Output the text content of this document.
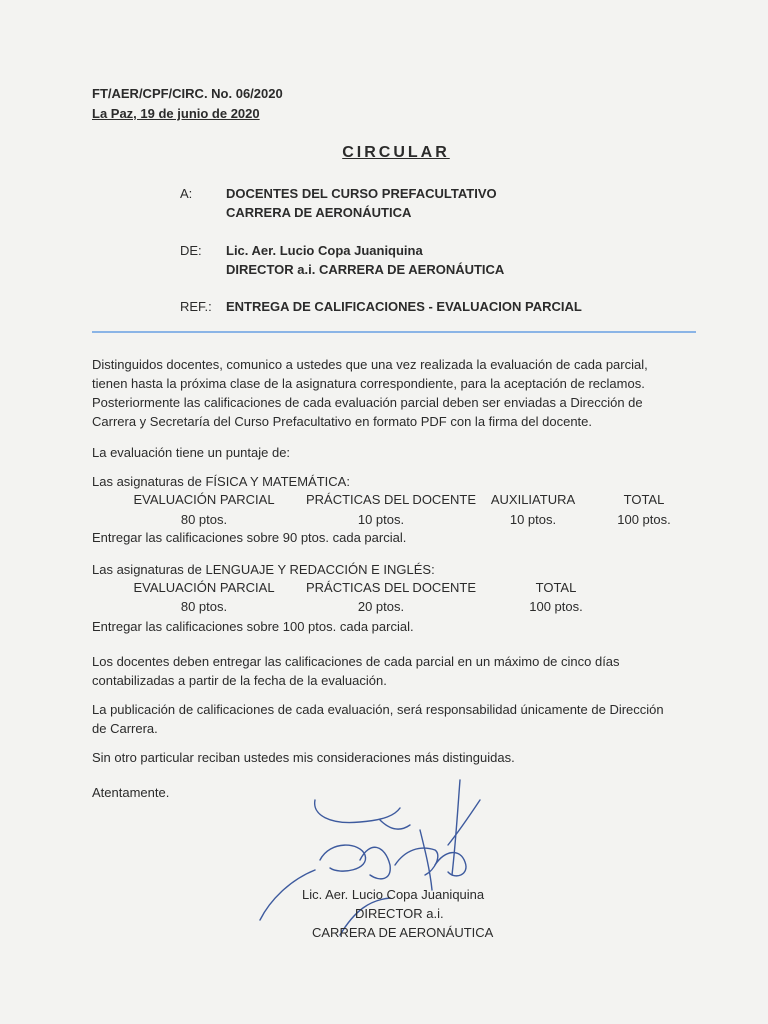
FT/AER/CPF/CIRC. No. 06/2020
La Paz, 19 de junio de 2020
CIRCULAR
A:	DOCENTES DEL CURSO PREFACULTATIVO
CARRERA DE AERONÁUTICA
DE: Lic. Aer. Lucio Copa Juaniquina
DIRECTOR a.i. CARRERA DE AERONÁUTICA
REF.: ENTREGA DE CALIFICACIONES - EVALUACION PARCIAL
Distinguidos docentes, comunico a ustedes que una vez realizada la evaluación de cada parcial,
tienen hasta la próxima clase de la asignatura correspondiente, para la aceptación de reclamos.
Posteriormente las calificaciones de cada evaluación parcial deben ser enviadas a Dirección de
Carrera y Secretaría del Curso Prefacultativo en formato PDF con la firma del docente.
La evaluación tiene un puntaje de:
Las asignaturas de FÍSICA Y MATEMÁTICA:
EVALUACIÓN PARCIAL	PRÁCTICAS DEL DOCENTE	AUXILIATURA	TOTAL
80 ptos.	10 ptos.	10 ptos.	100 ptos.
Entregar las calificaciones sobre 90 ptos. cada parcial.
Las asignaturas de LENGUAJE Y REDACCIÓN E INGLÉS:
EVALUACIÓN PARCIAL	PRÁCTICAS DEL DOCENTE	TOTAL
80 ptos.	20 ptos.	100 ptos.
Entregar las calificaciones sobre 100 ptos. cada parcial.
Los docentes deben entregar las calificaciones de cada parcial en un máximo de cinco días
contabilizadas a partir de la fecha de la evaluación.
La publicación de calificaciones de cada evaluación, será responsabilidad únicamente de Dirección
de Carrera.
Sin otro particular reciban ustedes mis consideraciones más distinguidas.
Atentamente.
Lic. Aer. Lucio Copa Juaniquina
DIRECTOR a.i.
CARRERA DE AERONÁUTICA
